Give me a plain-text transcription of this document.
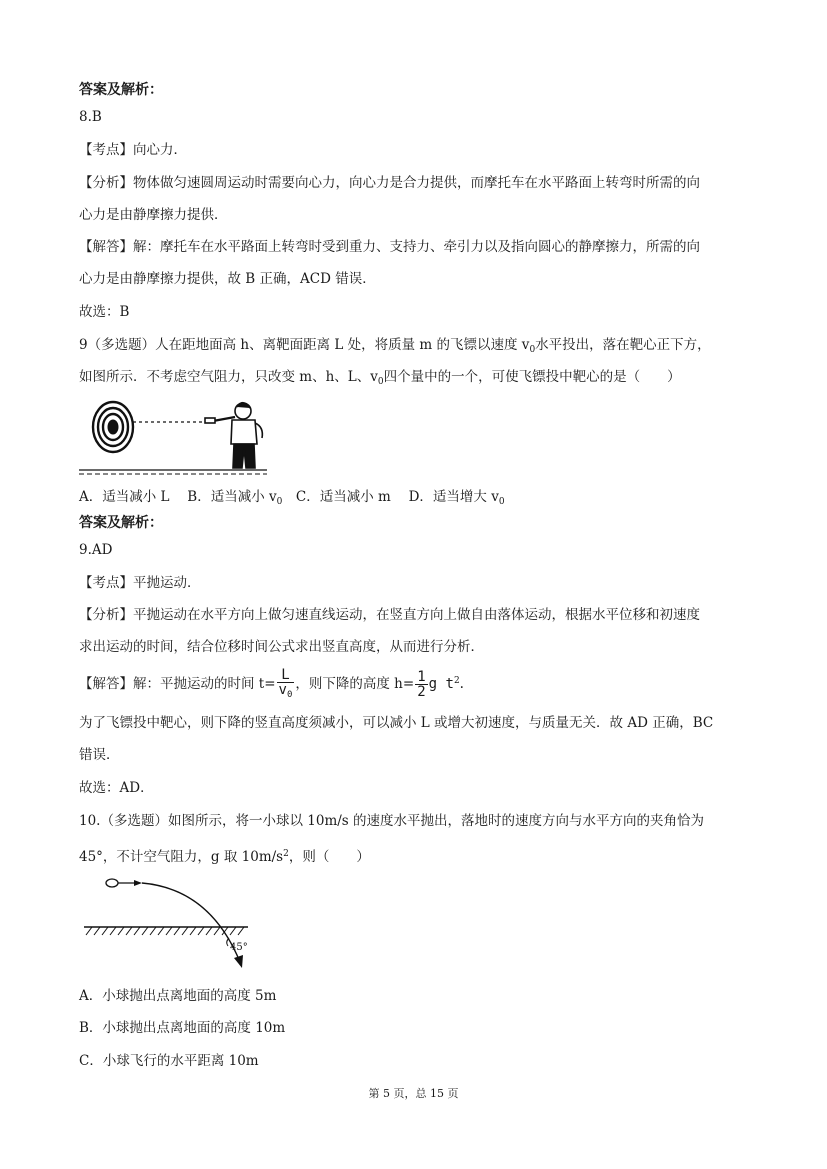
答案及解析：
8.B
【考点】向心力．
【分析】物体做匀速圆周运动时需要向心力，向心力是合力提供，而摩托车在水平路面上转弯时所需的向
心力是由静摩擦力提供．
【解答】解：摩托车在水平路面上转弯时受到重力、支持力、牵引力以及指向圆心的静摩擦力，所需的向
心力是由静摩擦力提供，故 B 正确，ACD 错误．
故选：B
9（多选题）人在距地面高 h、离靶面距离 L 处，将质量 m 的飞镖以速度 $v_0$水平投出，落在靶心正下方，
如图所示．不考虑空气阻力，只改变 m、h、L、$v_0$四个量中的一个，可使飞镖投中靶心的是（　　）
A．适当减小 L　 B．适当减小 $v_0$　C．适当减小 m　 D．适当增大 $v_0$
答案及解析：
9.AD
【考点】平抛运动．
【分析】平抛运动在水平方向上做匀速直线运动，在竖直方向上做自由落体运动，根据水平位移和初速度
求出运动的时间，结合位移时间公式求出竖直高度，从而进行分析．
【解答】解：平抛运动的时间 $t= \frac{L}{v_0}$ ，则下降的高度 $h= \frac{1}{2}$ g $t^2$.
为了飞镖投中靶心，则下降的竖直高度须减小，可以减小 L 或增大初速度，与质量无关．故 AD 正确，BC
错误．
故选：AD．
10.（多选题）如图所示，将一小球以 10m/s 的速度水平抛出，落地时的速度方向与水平方向的夹角恰为
45°，不计空气阻力，g 取 $10m/s^2$，则（　　）
45°
A．小球抛出点离地面的高度 5m
B．小球抛出点离地面的高度 10m
C．小球飞行的水平距离 10m
第 5 页，总 15 页
